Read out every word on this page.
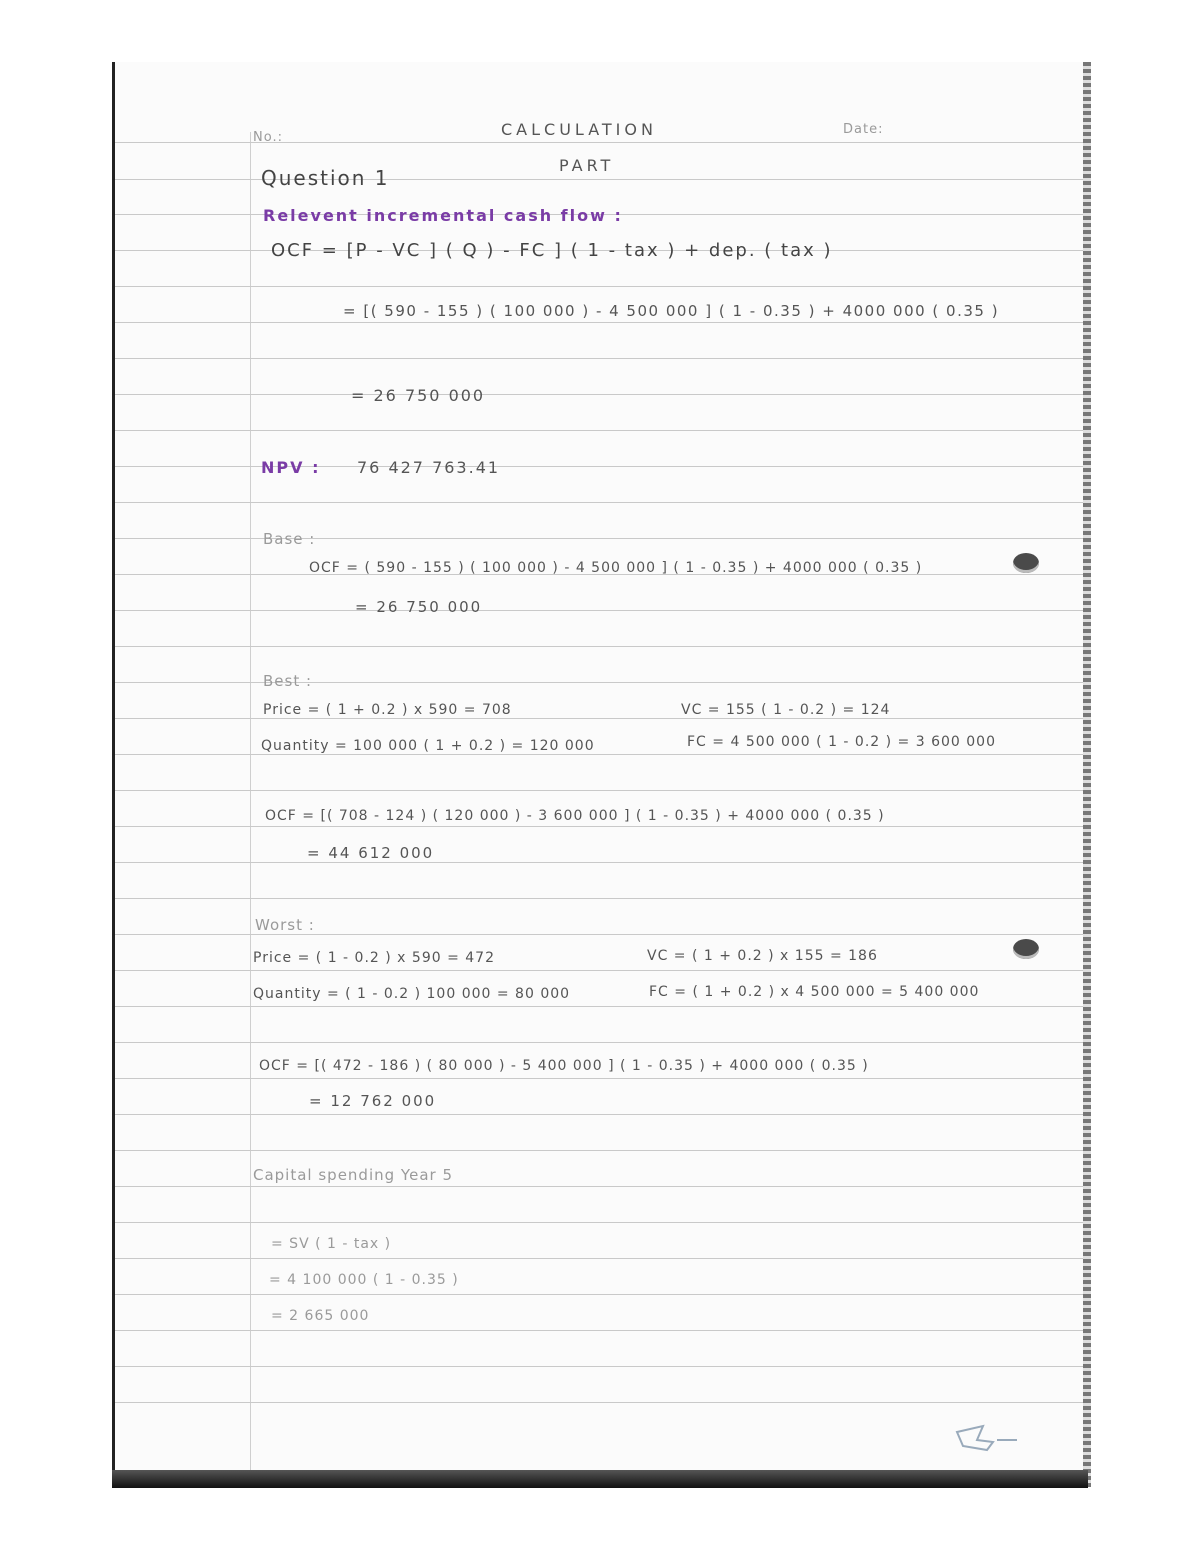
No.:	CALCULATION	Date:
PART
Question 1
Relevent incremental cash flow :
OCF = [P - VC ] ( Q ) - FC ] ( 1 - tax ) + dep. ( tax )
= [( 590 - 155 ) ( 100 000 ) - 4 500 000 ] ( 1 - 0.35 ) + 4000 000 ( 0.35 )
= 26 750 000
NPV : 76 427 763.41
Base :
OCF = ( 590 - 155 ) ( 100 000 ) - 4 500 000 ] ( 1 - 0.35 ) + 4000 000 ( 0.35 )
= 26 750 000
Best :
Price = ( 1 + 0.2 ) x 590 = 708	VC = 155 ( 1 - 0.2 ) = 124
Quantity = 100 000 ( 1 + 0.2 ) = 120 000	FC = 4 500 000 ( 1 - 0.2 ) = 3 600 000
OCF = [( 708 - 124 ) ( 120 000 ) - 3 600 000 ] ( 1 - 0.35 ) + 4000 000 ( 0.35 )
= 44 612 000
Worst :
Price = ( 1 - 0.2 ) x 590 = 472	VC = ( 1 + 0.2 ) x 155 = 186
Quantity = ( 1 - 0.2 ) 100 000 = 80 000	FC = ( 1 + 0.2 ) x 4 500 000 = 5 400 000
OCF = [( 472 - 186 ) ( 80 000 ) - 5 400 000 ] ( 1 - 0.35 ) + 4000 000 ( 0.35 )
= 12 762 000
Capital spending Year 5
= SV ( 1 - tax )
= 4 100 000 ( 1 - 0.35 )
= 2 665 000
